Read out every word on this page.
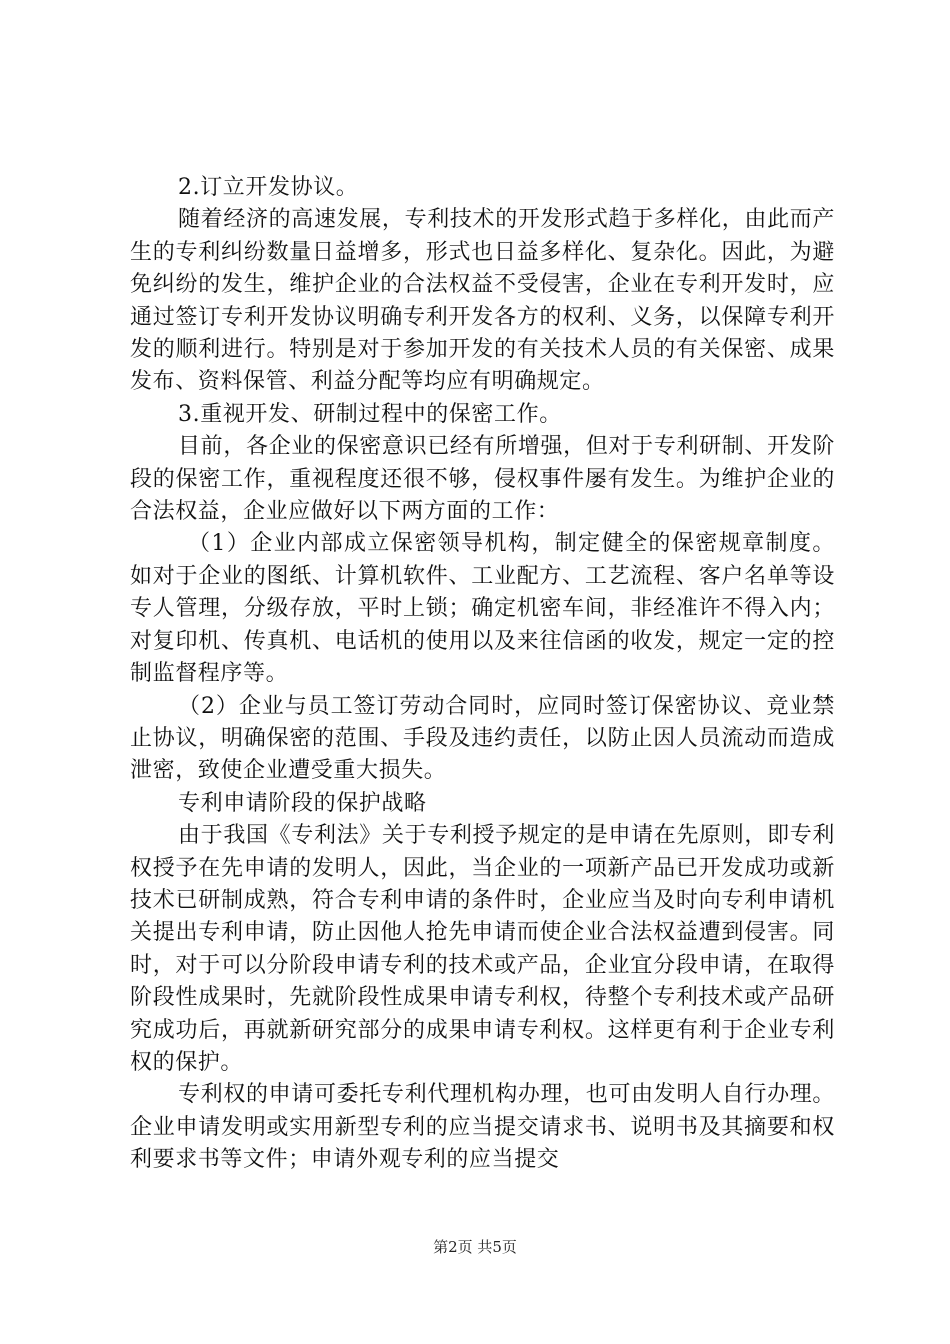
2.订立开发协议。

随着经济的高速发展，专利技术的开发形式趋于多样化，由此而产生的专利纠纷数量日益增多，形式也日益多样化、复杂化。因此，为避免纠纷的发生，维护企业的合法权益不受侵害，企业在专利开发时，应通过签订专利开发协议明确专利开发各方的权利、义务，以保障专利开发的顺利进行。特别是对于参加开发的有关技术人员的有关保密、成果发布、资料保管、利益分配等均应有明确规定。

3.重视开发、研制过程中的保密工作。

目前，各企业的保密意识已经有所增强，但对于专利研制、开发阶段的保密工作，重视程度还很不够，侵权事件屡有发生。为维护企业的合法权益，企业应做好以下两方面的工作：

（1）企业内部成立保密领导机构，制定健全的保密规章制度。如对于企业的图纸、计算机软件、工业配方、工艺流程、客户名单等设专人管理，分级存放，平时上锁；确定机密车间，非经准许不得入内；对复印机、传真机、电话机的使用以及来往信函的收发，规定一定的控制监督程序等。

（2）企业与员工签订劳动合同时，应同时签订保密协议、竞业禁止协议，明确保密的范围、手段及违约责任，以防止因人员流动而造成泄密，致使企业遭受重大损失。

专利申请阶段的保护战略

由于我国《专利法》关于专利授予规定的是申请在先原则，即专利权授予在先申请的发明人，因此，当企业的一项新产品已开发成功或新技术已研制成熟，符合专利申请的条件时，企业应当及时向专利申请机关提出专利申请，防止因他人抢先申请而使企业合法权益遭到侵害。同时，对于可以分阶段申请专利的技术或产品，企业宜分段申请，在取得阶段性成果时，先就阶段性成果申请专利权，待整个专利技术或产品研究成功后，再就新研究部分的成果申请专利权。这样更有利于企业专利权的保护。

专利权的申请可委托专利代理机构办理，也可由发明人自行办理。企业申请发明或实用新型专利的应当提交请求书、说明书及其摘要和权利要求书等文件；申请外观专利的应当提交

第2页 共5页
